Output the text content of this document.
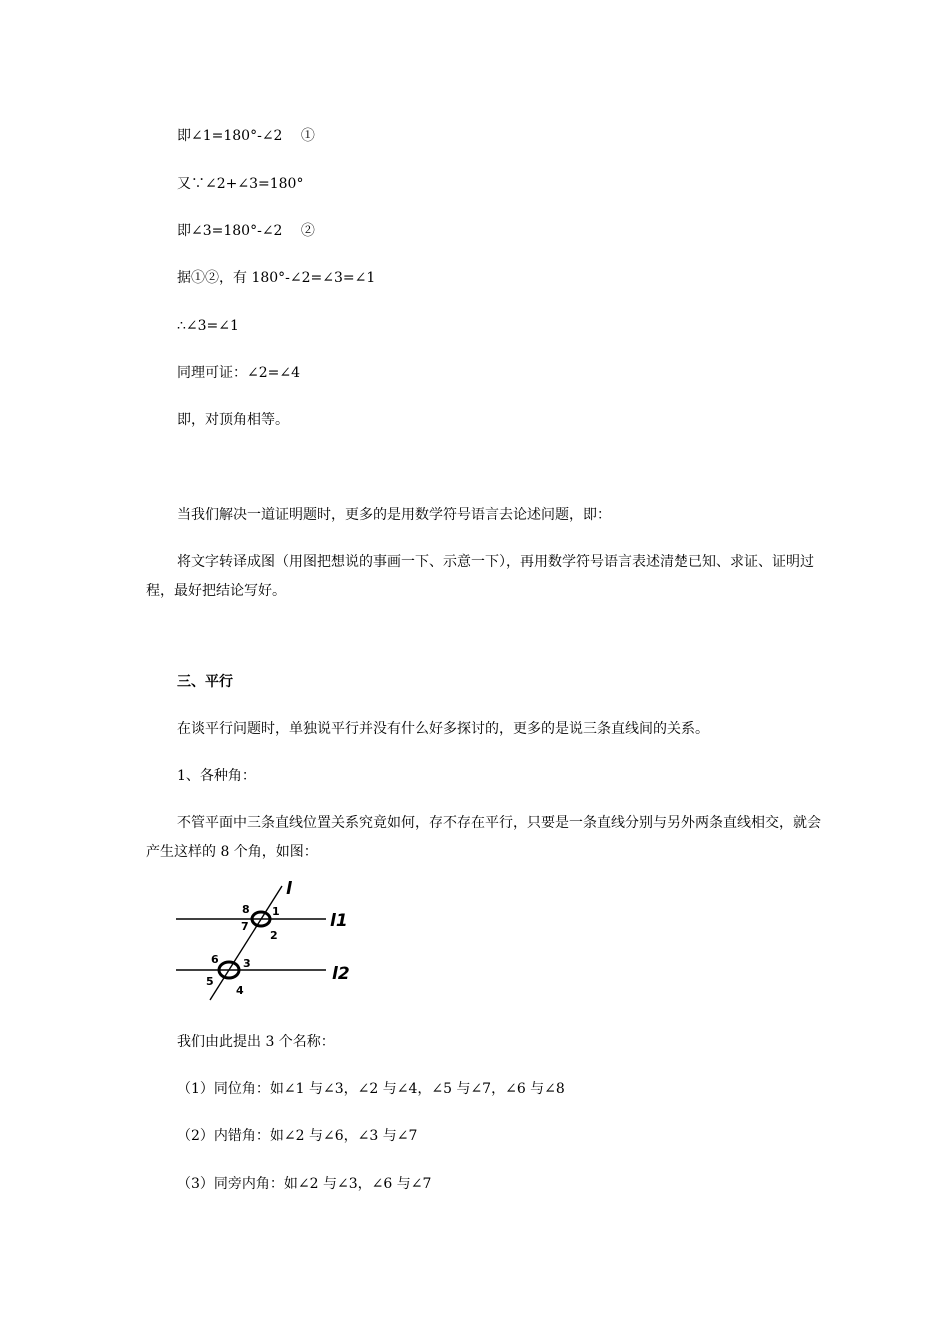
即∠1=180°-∠2　 ①
又∵∠2+∠3=180°
即∠3=180°-∠2　 ②
据①②，有 180°-∠2=∠3=∠1
∴∠3=∠1
同理可证：∠2=∠4
即，对顶角相等。
当我们解决一道证明题时，更多的是用数学符号语言去论述问题，即：
将文字转译成图（用图把想说的事画一下、示意一下），再用数学符号语言表述清楚已知、求证、证明过程，最好把结论写好。
三、平行
在谈平行问题时，单独说平行并没有什么好多探讨的，更多的是说三条直线间的关系。
1、各种角：
不管平面中三条直线位置关系究竟如何，存不存在平行，只要是一条直线分别与另外两条直线相交，就会产生这样的 8 个角，如图：
8 1
7
2
6 3
5
4
l
l1
l2
我们由此提出 3 个名称：
（1）同位角：如∠1 与∠3，∠2 与∠4，∠5 与∠7，∠6 与∠8
（2）内错角：如∠2 与∠6，∠3 与∠7
（3）同旁内角：如∠2 与∠3，∠6 与∠7
